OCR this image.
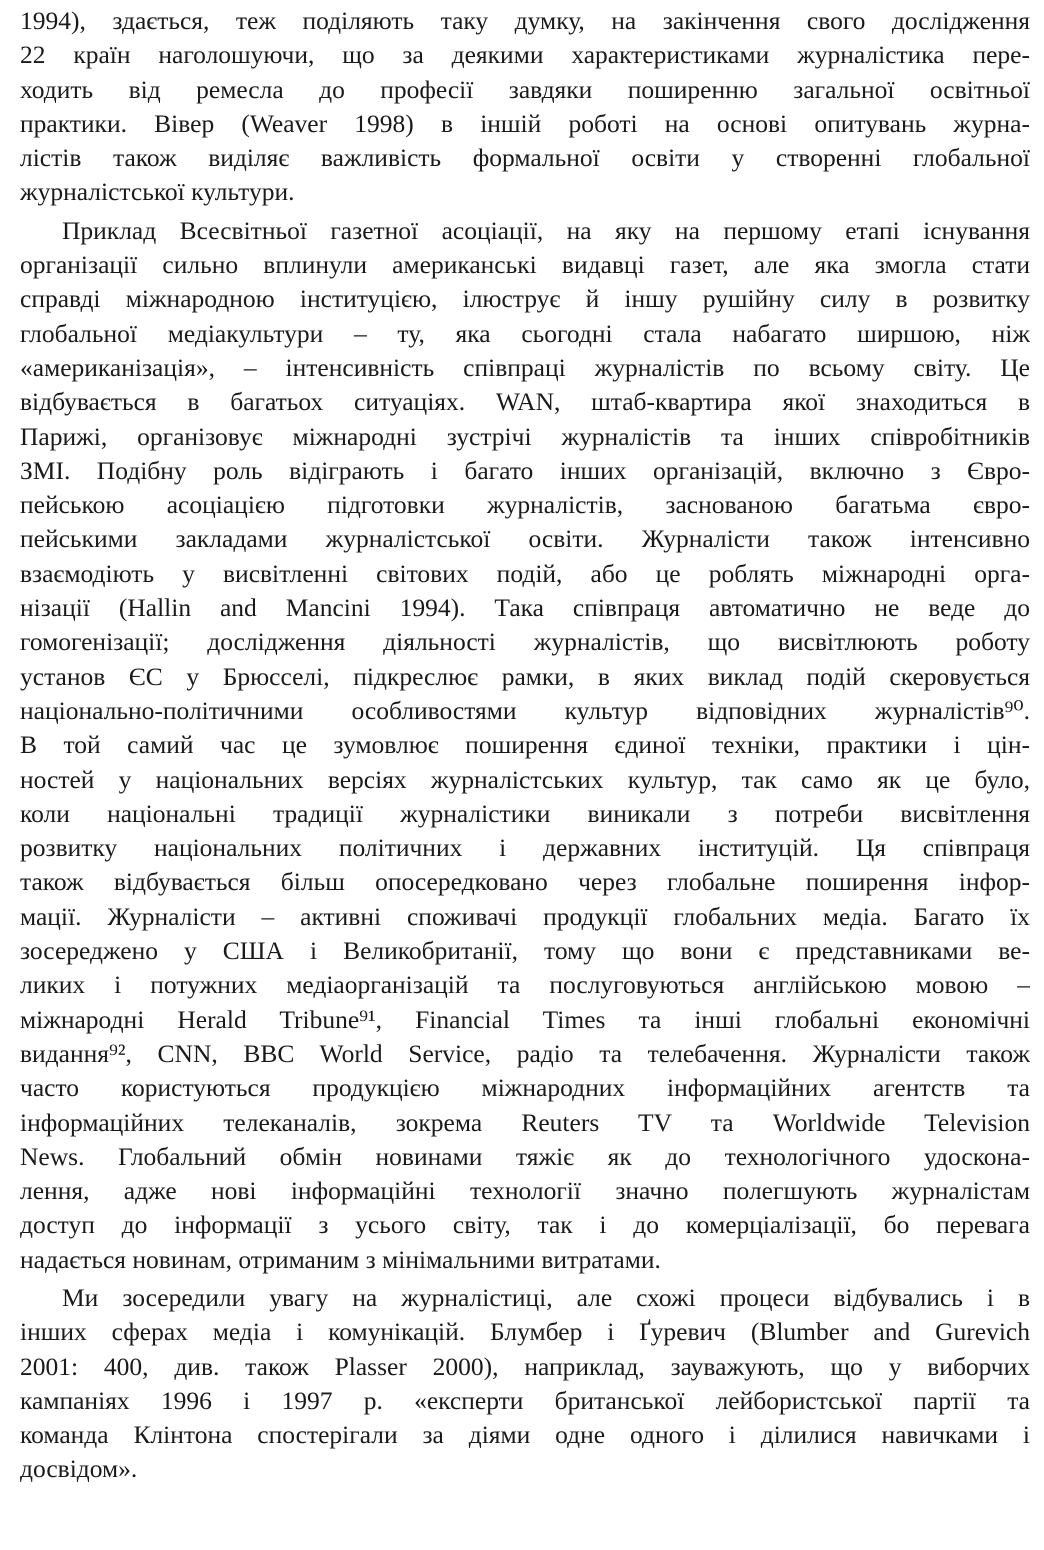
1994), здається, теж поділяють таку думку, на закінчення свого дослідження
22 країн наголошуючи, що за деякими характеристиками журналістика пере-
ходить від ремесла до професії завдяки поширенню загальної освітньої
практики. Вівер (Weaver 1998) в іншій роботі на основі опитувань журна-
лістів також виділяє важливість формальної освіти у створенні глобальної
журналістської культури.
Приклад Всесвітньої газетної асоціації, на яку на першому етапі існування
організації сильно вплинули американські видавці газет, але яка змогла стати
справді міжнародною інституцією, ілюструє й іншу рушійну силу в розвитку
глобальної медіакультури – ту, яка сьогодні стала набагато ширшою, ніж
«американізація», – інтенсивність співпраці журналістів по всьому світу. Це
відбувається в багатьох ситуаціях. WAN, штаб-квартира якої знаходиться в
Парижі, організовує міжнародні зустрічі журналістів та інших співробітників
ЗМІ. Подібну роль відіграють і багато інших організацій, включно з Євро-
пейською асоціацією підготовки журналістів, заснованою багатьма євро-
пейськими закладами журналістської освіти. Журналісти також інтенсивно
взаємодіють у висвітленні світових подій, або це роблять міжнародні орга-
нізації (Hallin and Mancini 1994). Така співпраця автоматично не веде до
гомогенізації; дослідження діяльності журналістів, що висвітлюють роботу
установ ЄС у Брюсселі, підкреслює рамки, в яких виклад подій скеровується
національно-політичними особливостями культур відповідних журналістів⁹⁰.
В той самий час це зумовлює поширення єдиної техніки, практики і цін-
ностей у національних версіях журналістських культур, так само як це було,
коли національні традиції журналістики виникали з потреби висвітлення
розвитку національних політичних і державних інституцій. Ця співпраця
також відбувається більш опосередковано через глобальне поширення інфор-
мації. Журналісти – активні споживачі продукції глобальних медіа. Багато їх
зосереджено у США і Великобританії, тому що вони є представниками ве-
ликих і потужних медіаорганізацій та послуговуються англійською мовою –
міжнародні Herald Tribune⁹¹, Financial Times та інші глобальні економічні
видання⁹², CNN, BBC World Service, радіо та телебачення. Журналісти також
часто користуються продукцією міжнародних інформаційних агентств та
інформаційних телеканалів, зокрема Reuters TV та Worldwide Television
News. Глобальний обмін новинами тяжіє як до технологічного удоскона-
лення, адже нові інформаційні технології значно полегшують журналістам
доступ до інформації з усього світу, так і до комерціалізації, бо перевага
надається новинам, отриманим з мінімальними витратами.
Ми зосередили увагу на журналістиці, але схожі процеси відбувались і в
інших сферах медіа і комунікацій. Блумбер і Ґуревич (Blumber and Gurevich
2001: 400, див. також Plasser 2000), наприклад, зауважують, що у виборчих
кампаніях 1996 і 1997 р. «експерти британської лейбористської партії та
команда Клінтона спостерігали за діями одне одного і ділилися навичками і
досвідом».
